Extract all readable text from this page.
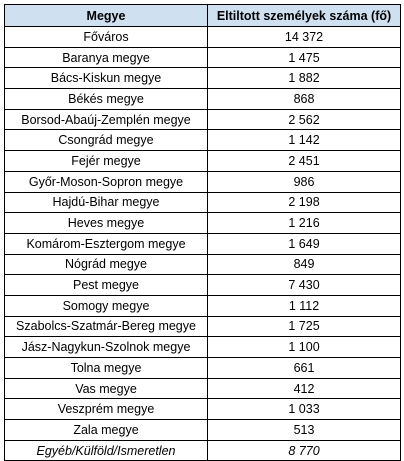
Megye	Eltiltott személyek száma (fő)
Főváros	14 372
Baranya megye	1 475
Bács-Kiskun megye	1 882
Békés megye	868
Borsod-Abaúj-Zemplén megye	2 562
Csongrád megye	1 142
Fejér megye	2 451
Győr-Moson-Sopron megye	986
Hajdú-Bihar megye	2 198
Heves megye	1 216
Komárom-Esztergom megye	1 649
Nógrád megye	849
Pest megye	7 430
Somogy megye	1 112
Szabolcs-Szatmár-Bereg megye	1 725
Jász-Nagykun-Szolnok megye	1 100
Tolna megye	661
Vas megye	412
Veszprém megye	1 033
Zala megye	513
Egyéb/Külföld/Ismeretlen	8 770
